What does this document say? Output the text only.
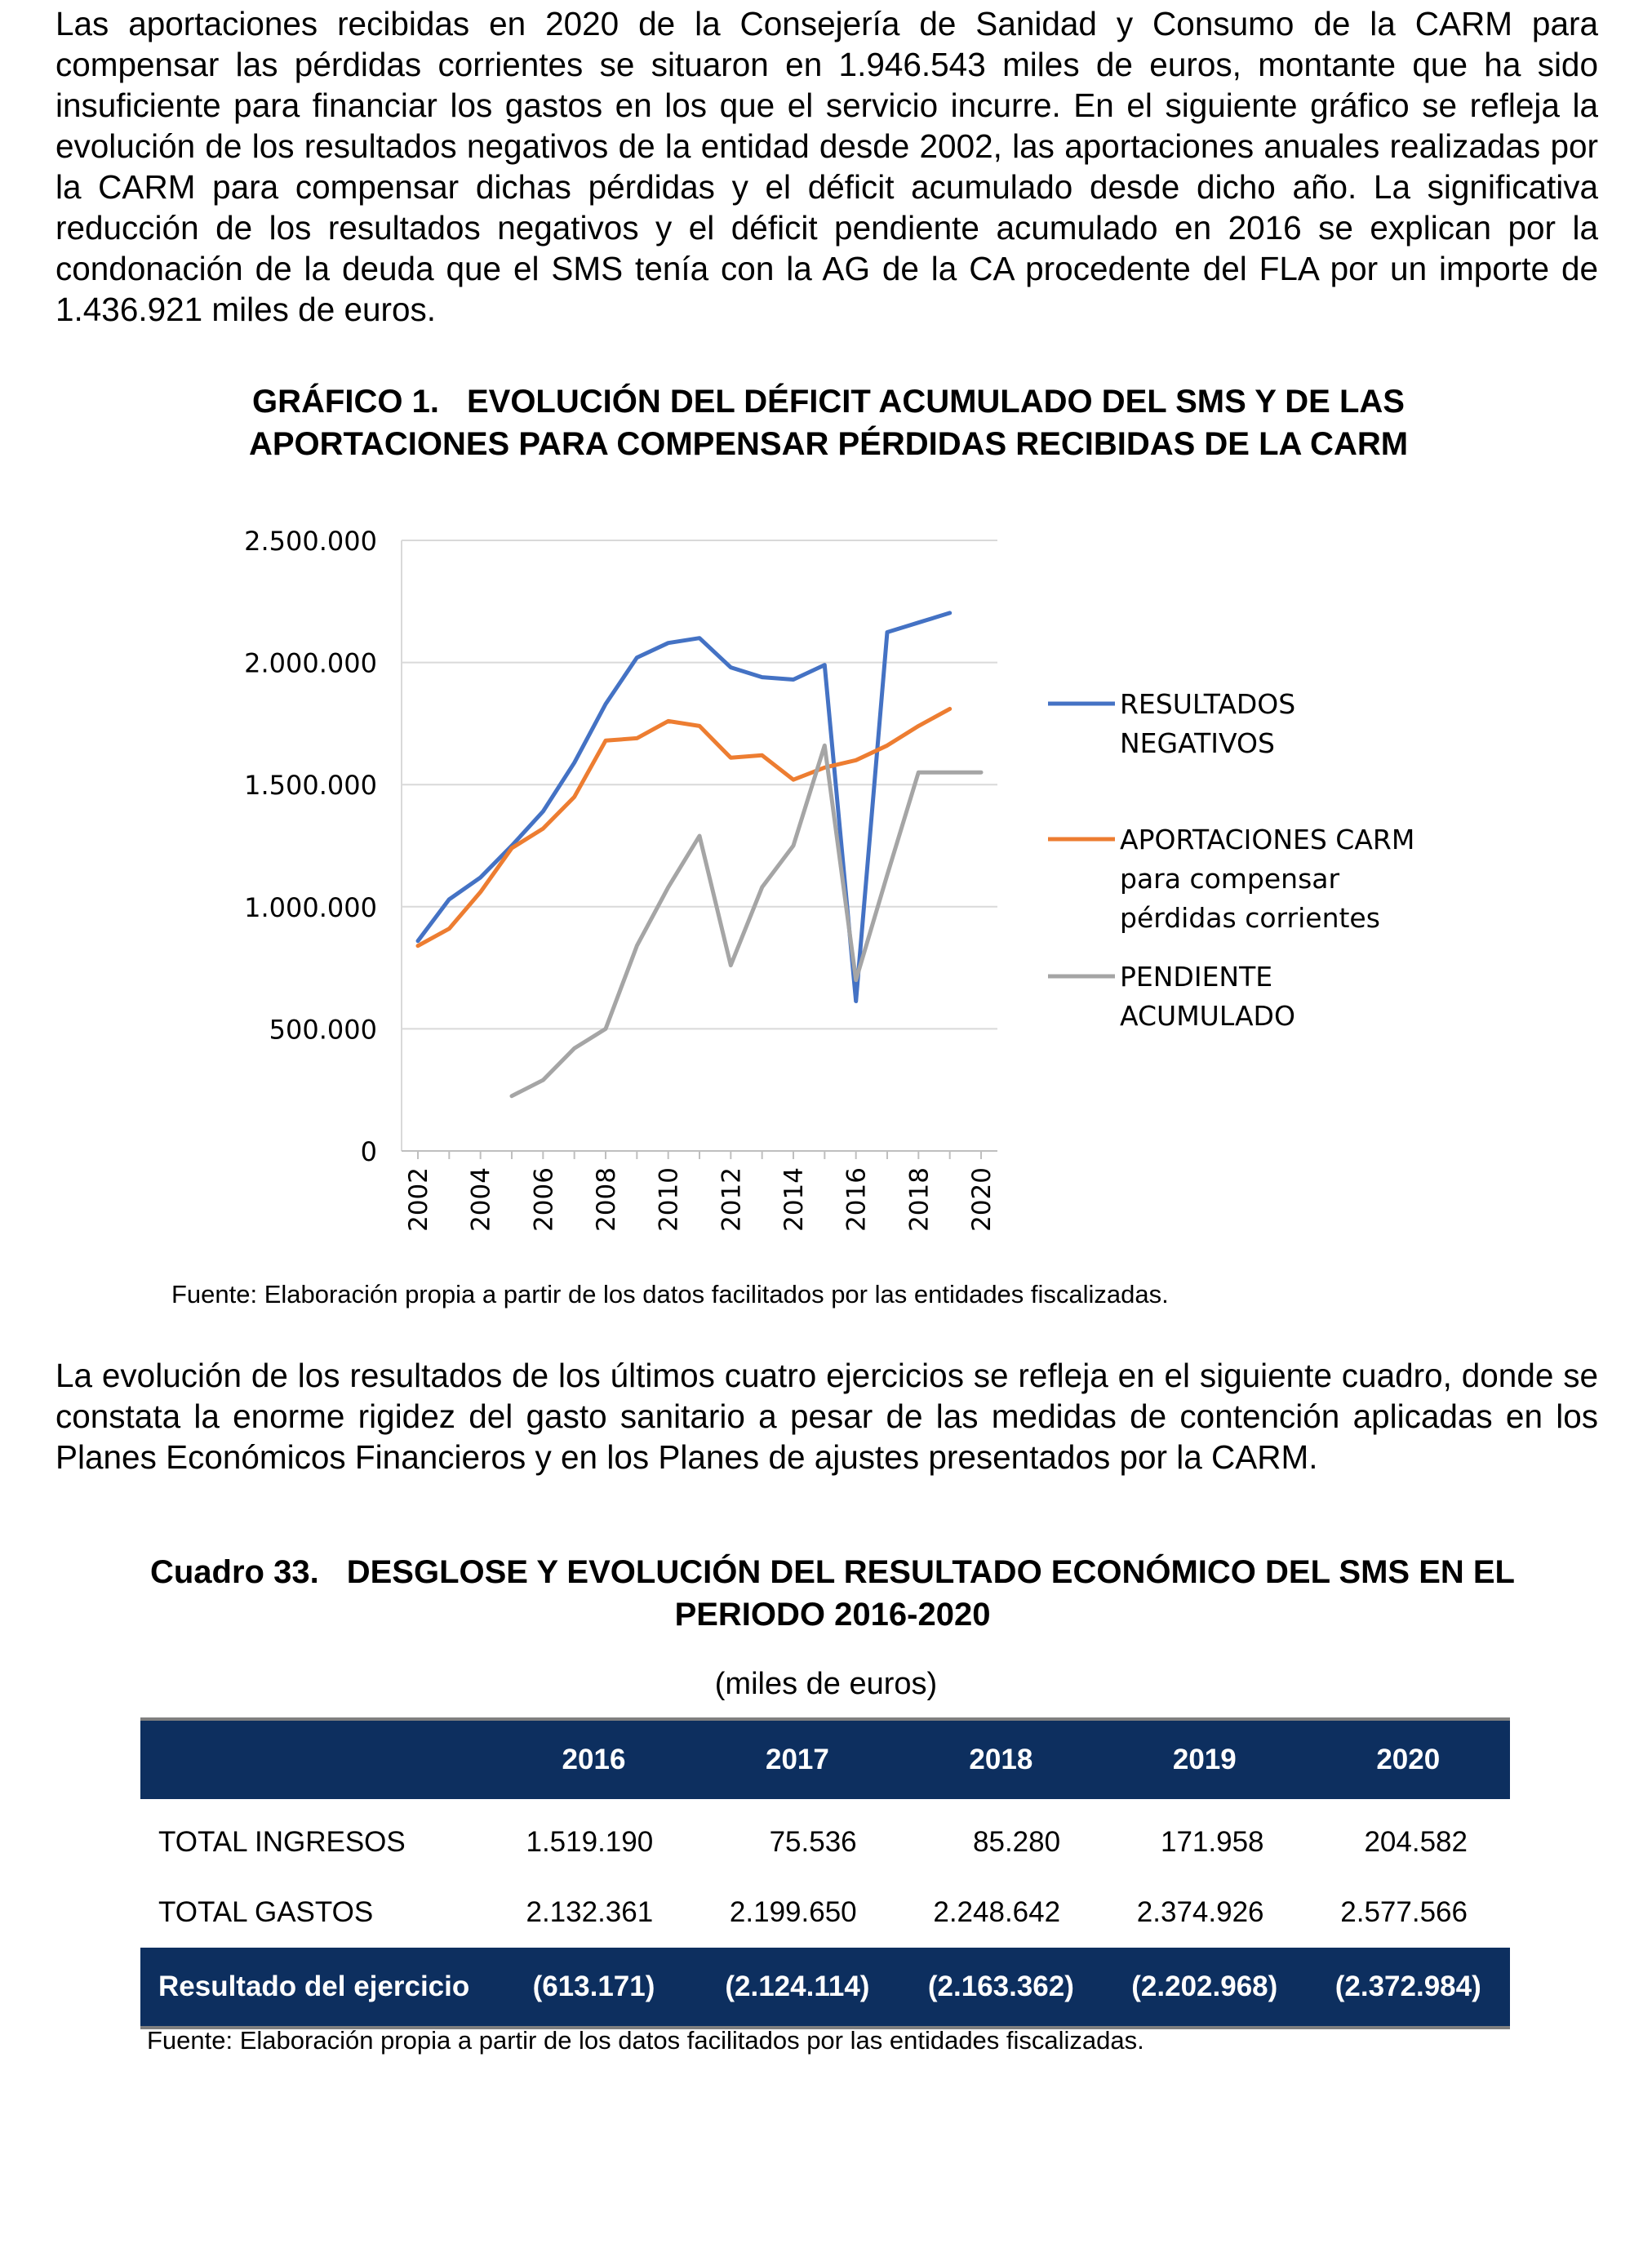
Las aportaciones recibidas en 2020 de la Consejería de Sanidad y Consumo de la CARM para compensar las pérdidas corrientes se situaron en 1.946.543 miles de euros, montante que ha sido insuficiente para financiar los gastos en los que el servicio incurre. En el siguiente gráfico se refleja la evolución de los resultados negativos de la entidad desde 2002, las aportaciones anuales realizadas por la CARM para compensar dichas pérdidas y el déficit acumulado desde dicho año. La significativa reducción de los resultados negativos y el déficit pendiente acumulado en 2016 se explican por la condonación de la deuda que el SMS tenía con la AG de la CA procedente del FLA por un importe de 1.436.921 miles de euros.

GRÁFICO 1. EVOLUCIÓN DEL DÉFICIT ACUMULADO DEL SMS Y DE LAS
APORTACIONES PARA COMPENSAR PÉRDIDAS RECIBIDAS DE LA CARM
0
500.000
1.000.000
1.500.000
2.000.000
2.500.000
2002 2004 2006 2008 2010 2012 2014 2016 2018 2020
RESULTADOS
NEGATIVOS
APORTACIONES CARM
para compensar
pérdidas corrientes
PENDIENTE
ACUMULADO

Fuente: Elaboración propia a partir de los datos facilitados por las entidades fiscalizadas.

La evolución de los resultados de los últimos cuatro ejercicios se refleja en el siguiente cuadro, donde se constata la enorme rigidez del gasto sanitario a pesar de las medidas de contención aplicadas en los Planes Económicos Financieros y en los Planes de ajustes presentados por la CARM.

Cuadro 33. DESGLOSE Y EVOLUCIÓN DEL RESULTADO ECONÓMICO DEL SMS EN EL
PERIODO 2016-2020
(miles de euros)
	2016	2017	2018	2019	2020
TOTAL INGRESOS	1.519.190	75.536	85.280	171.958	204.582
TOTAL GASTOS	2.132.361	2.199.650	2.248.642	2.374.926	2.577.566
Resultado del ejercicio	(613.171)	(2.124.114)	(2.163.362)	(2.202.968)	(2.372.984)

Fuente: Elaboración propia a partir de los datos facilitados por las entidades fiscalizadas.
